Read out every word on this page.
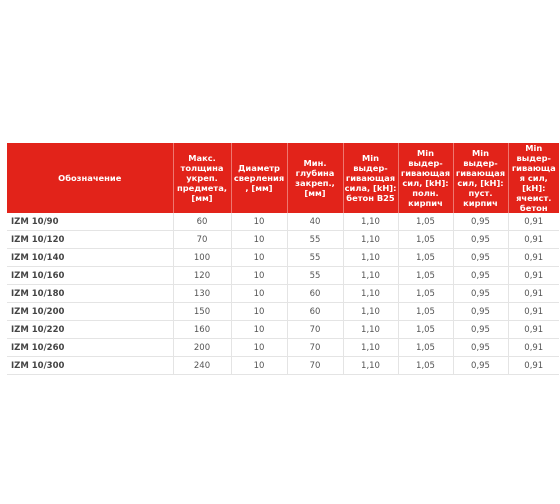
Обозначение	Макс. толщина укреп. предмета, [мм]	Диаметр сверления, [мм]	Мин. глубина закреп., [мм]	Min выдер-гивающая сила, [kH]: бетон B25	Min выдер-гивающая сил, [kH]: полн. кирпич	Min выдер-гивающая сил, [kH]: пуст. кирпич	Min выдер-гивающая сил, [kH]: ячеист. бетон
IZM 10/90	60	10	40	1,10	1,05	0,95	0,91
IZM 10/120	70	10	55	1,10	1,05	0,95	0,91
IZM 10/140	100	10	55	1,10	1,05	0,95	0,91
IZM 10/160	120	10	55	1,10	1,05	0,95	0,91
IZM 10/180	130	10	60	1,10	1,05	0,95	0,91
IZM 10/200	150	10	60	1,10	1,05	0,95	0,91
IZM 10/220	160	10	70	1,10	1,05	0,95	0,91
IZM 10/260	200	10	70	1,10	1,05	0,95	0,91
IZM 10/300	240	10	70	1,10	1,05	0,95	0,91
